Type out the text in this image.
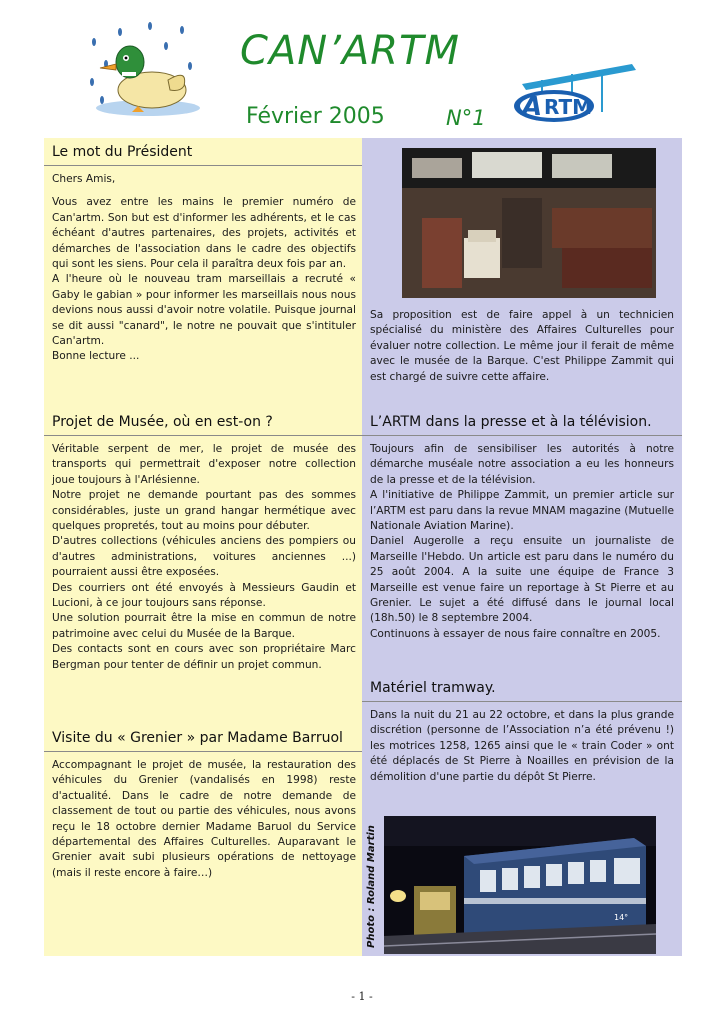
CAN’ARTM
A RTM
Février 2005	N°1
Le mot du Président

Chers Amis,

Vous avez entre les mains le premier numéro de Can'artm. Son but est d'informer les adhérents, et le cas échéant d'autres partenaires, des projets, activités et démarches de l'association dans le cadre des objectifs qui sont les siens. Pour cela il paraîtra deux fois par an.

A l'heure où le nouveau tram marseillais a recruté « Gaby le gabian » pour informer les marseillais nous nous devions nous aussi d'avoir notre volatile. Puisque journal se dit aussi "canard", le notre ne pouvait que s'intituler Can'artm.

Bonne lecture ...

Projet de Musée, où en est-on ?

Véritable serpent de mer, le projet de musée des transports qui permettrait d'exposer notre collection joue toujours à l'Arlésienne.

Notre projet ne demande pourtant pas des sommes considérables, juste un grand hangar hermétique avec quelques propretés, tout au moins pour débuter.

D'autres collections (véhicules anciens des pompiers ou d'autres administrations, voitures anciennes ...) pourraient aussi être exposées.

Des courriers ont été envoyés à Messieurs Gaudin et Lucioni, à ce jour toujours sans réponse.

Une solution pourrait être la mise en commun de notre patrimoine avec celui du Musée de la Barque.

Des contacts sont en cours avec son propriétaire Marc Bergman pour tenter de définir un projet commun.

Visite du « Grenier » par Madame Barruol

Accompagnant le projet de musée, la restauration des véhicules du Grenier (vandalisés en 1998) reste d'actualité. Dans le cadre de notre demande de classement de tout ou partie des véhicules, nous avons reçu le 18 octobre dernier Madame Baruol du Service départemental des Affaires Culturelles. Auparavant le Grenier avait subi plusieurs opérations de nettoyage (mais il reste encore à faire…)

Sa proposition est de faire appel à un technicien spécialisé du ministère des Affaires Culturelles pour évaluer notre collection. Le même jour il ferait de même avec le musée de la Barque. C'est Philippe Zammit qui est chargé de suivre cette affaire.

L’ARTM dans la presse et à la télévision.

Toujours afin de sensibiliser les autorités à notre démarche muséale notre association a eu les honneurs de la presse et de la télévision.

A l'initiative de Philippe Zammit, un premier article sur l’ARTM est paru dans la revue MNAM magazine (Mutuelle Nationale Aviation Marine).

Daniel Augerolle a reçu ensuite un journaliste de Marseille l'Hebdo. Un article est paru dans le numéro du 25 août 2004. A la suite une équipe de France 3 Marseille est venue faire un reportage à St Pierre et au Grenier. Le sujet a été diffusé dans le journal local (18h.50) le 8 septembre 2004.

Continuons à essayer de nous faire connaître en 2005.

Matériel tramway.

Dans la nuit du 21 au 22 octobre, et dans la plus grande discrétion (personne de l’Association n’a été prévenu !) les motrices 1258, 1265 ainsi que le « train Coder » ont été déplacés de St Pierre à Noailles en prévision de la démolition d'une partie du dépôt St Pierre.

14°
Photo : Roland Martin
- 1 -
